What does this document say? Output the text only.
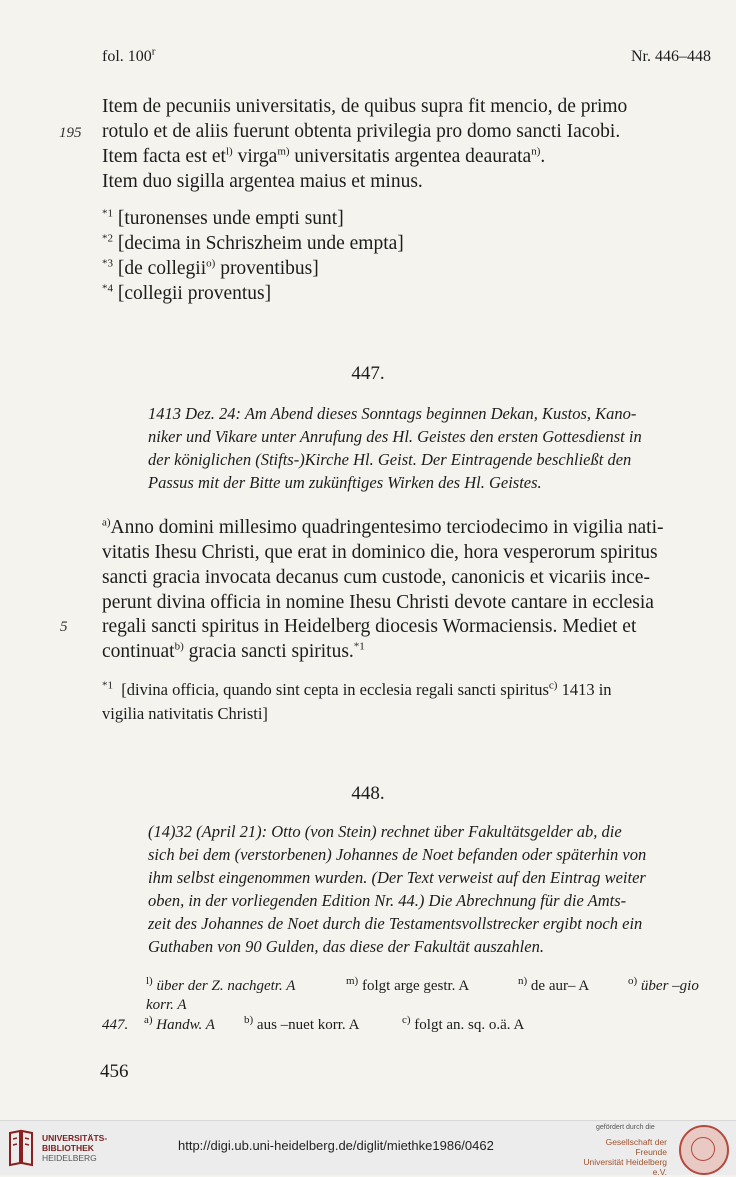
fol. 100$^r$	Nr. 446–448
Item de pecuniis universitatis, de quibus supra fit mencio, de primo
195 rotulo et de aliis fuerunt obtenta privilegia pro domo sancti Iacobi.
Item facta est $et^{l)}$ virga$^{m)}$ universitatis argentea deaurata$^{n)}$.
Item duo sigilla argentea maius et minus.
$^{*1}$ [turonenses unde empti sunt]
$^{*2}$ [decima in Schriszheim unde empta]
$^{*3}$ [de collegii$^{o)}$ proventibus]
$^{*4}$ [collegii proventus]
447.
1413 Dez. 24: Am Abend dieses Sonntags beginnen Dekan, Kustos, Kano-
niker und Vikare unter Anrufung des Hl. Geistes den ersten Gottesdienst in
der königlichen (Stifts-)Kirche Hl. Geist. Der Eintragende beschließt den
Passus mit der Bitte um zukünftiges Wirken des Hl. Geistes.
$^{a)}$Anno domini millesimo quadringentesimo terciodecimo in vigilia nati-
vitatis Ihesu Christi, que erat in dominico die, hora vesperorum spiritus
sancti gracia invocata decanus cum custode, canonicis et vicariis ince-
perunt divina officia in nomine Ihesu Christi devote cantare in ecclesia
5 regali sancti spiritus in Heidelberg diocesis Wormaciensis. Mediet et
continuat$^{b)}$ gracia sancti spiritus.$^{*1}$
$^{*1}$ [divina officia, quando sint cepta in ecclesia regali sancti spiritus$^{c)}$ 1413 in
vigilia nativitatis Christi]
448.
(14)32 (April 21): Otto (von Stein) rechnet über Fakultätsgelder ab, die
sich bei dem (verstorbenen) Johannes de Noet befanden oder späterhin von
ihm selbst eingenommen wurden. (Der Text verweist auf den Eintrag weiter
oben, in der vorliegenden Edition Nr. 44.) Die Abrechnung für die Amts-
zeit des Johannes de Noet durch die Testamentsvollstrecker ergibt noch ein
Guthaben von 90 Gulden, das diese der Fakultät auszahlen.
$^{l)}$ über der Z. nachgetr. A	$^{m)}$ folgt arge gestr. A	$^{n)}$ de aur– A	$^{o)}$ über –gio
korr. A
447. $^{a)}$ Handw. A	$^{b)}$ aus –nuet korr. A	$^{c)}$ folgt an. sq. o.ä. A
456
UNIVERSITÄTS-
BIBLIOTHEK
HEIDELBERG
http://digi.ub.uni-heidelberg.de/diglit/miethke1986/0462
gefördert durch die
Gesellschaft der Freunde
Universität Heidelberg e.V.
